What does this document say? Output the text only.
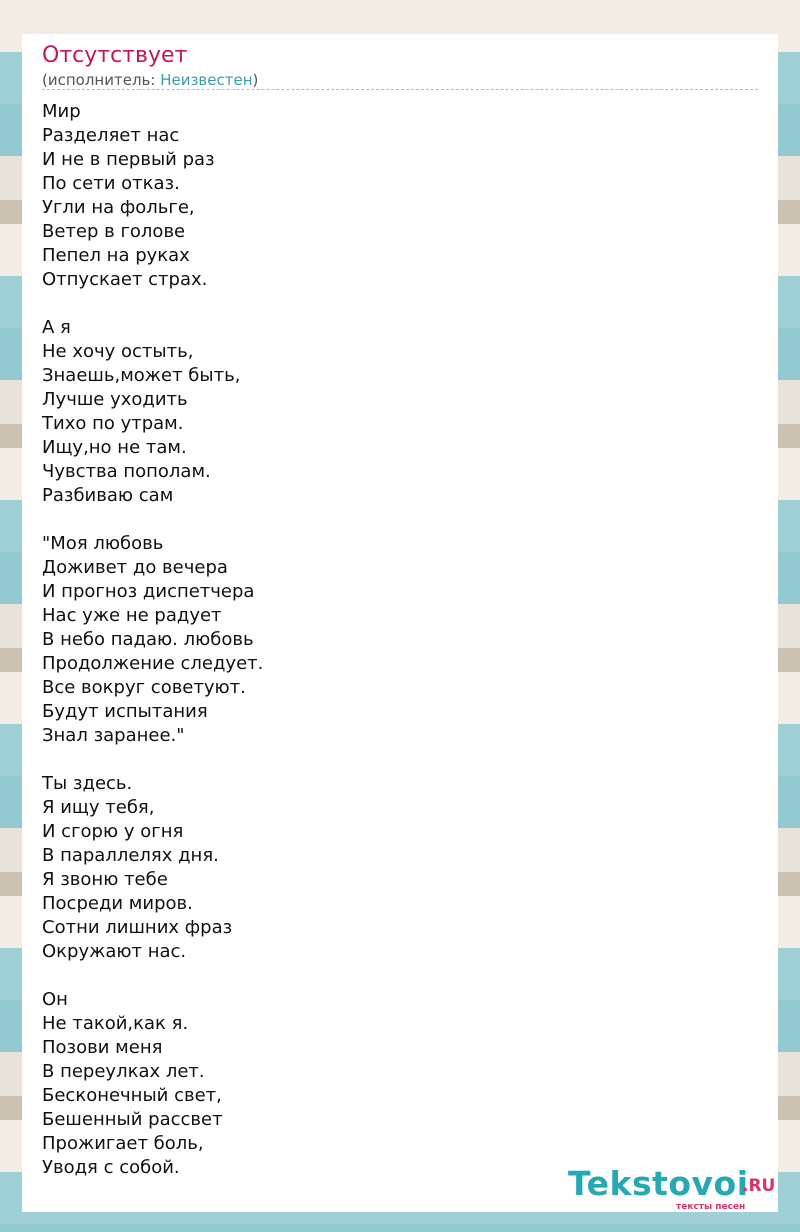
Отсутствует
(исполнитель: Неизвестен)
Мир
Разделяет нас
И не в первый раз
По сети отказ.
Угли на фольге,
Ветер в голове
Пепел на руках
Отпускает страх.
А я
Не хочу остыть,
Знаешь,может быть,
Лучше уходить
Тихо по утрам.
Ищу,но не там.
Чувства пополам.
Разбиваю сам
"Моя любовь
Доживет до вечера
И прогноз диспетчера
Нас уже не радует
В небо падаю. любовь
Продолжение следует.
Все вокруг советуют.
Будут испытания
Знал заранее."
Ты здесь.
Я ищу тебя,
И сгорю у огня
В параллелях дня.
Я звоню тебе
Посреди миров.
Сотни лишних фраз
Окружают нас.
Он
Не такой,как я.
Позови меня
В переулках лет.
Бесконечный свет,
Бешенный рассвет
Прожигает боль,
Уводя с собой.	Tekstovoi
.RU
тексты песен
